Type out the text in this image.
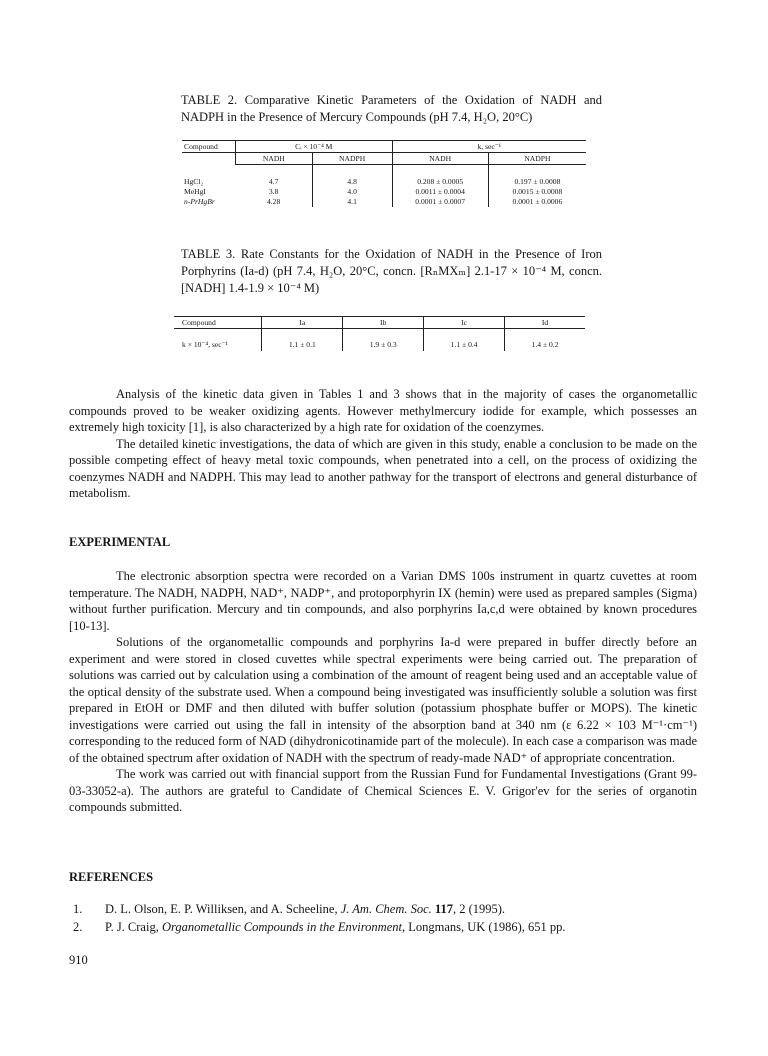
TABLE 2. Comparative Kinetic Parameters of the Oxidation of NADH and NADPH in the Presence of Mercury Compounds (pH 7.4, H₂O, 20°C)
Compound	Cᵢ × 10⁻⁴ M		k, sec⁻¹	
	NADH	NADPH	NADH	NADPH

HgCl₂	4.7	4.8	0.208 ± 0.0005	0.197 ± 0.0008
MeHgI	3.8	4.0	0.0011 ± 0.0004	0.0015 ± 0.0008
n-PrHgBr	4.28	4.1	0.0001 ± 0.0007	0.0001 ± 0.0006
TABLE 3. Rate Constants for the Oxidation of NADH in the Presence of Iron Porphyrins (Ia-d) (pH 7.4, H₂O, 20°C, concn. [RₙMXₘ] 2.1-17 × 10⁻⁴ M, concn. [NADH] 1.4-1.9 × 10⁻⁴ M)
Compound	Ia	Ib	Ic	Id

k × 10⁻⁴, sec⁻¹	1.1 ± 0.1	1.9 ± 0.3	1.1 ± 0.4	1.4 ± 0.2

Analysis of the kinetic data given in Tables 1 and 3 shows that in the majority of cases the organometallic compounds proved to be weaker oxidizing agents. However methylmercury iodide for example, which possesses an extremely high toxicity [1], is also characterized by a high rate for oxidation of the coenzymes.

The detailed kinetic investigations, the data of which are given in this study, enable a conclusion to be made on the possible competing effect of heavy metal toxic compounds, when penetrated into a cell, on the process of oxidizing the coenzymes NADH and NADPH. This may lead to another pathway for the transport of electrons and general disturbance of metabolism.

EXPERIMENTAL

The electronic absorption spectra were recorded on a Varian DMS 100s instrument in quartz cuvettes at room temperature. The NADH, NADPH, NAD⁺, NADP⁺, and protoporphyrin IX (hemin) were used as prepared samples (Sigma) without further purification. Mercury and tin compounds, and also porphyrins Ia,c,d were obtained by known procedures [10-13].

Solutions of the organometallic compounds and porphyrins Ia-d were prepared in buffer directly before an experiment and were stored in closed cuvettes while spectral experiments were being carried out. The preparation of solutions was carried out by calculation using a combination of the amount of reagent being used and an acceptable value of the optical density of the substrate used. When a compound being investigated was insufficiently soluble a solution was first prepared in EtOH or DMF and then diluted with buffer solution (potassium phosphate buffer or MOPS). The kinetic investigations were carried out using the fall in intensity of the absorption band at 340 nm (ε 6.22 × 103 M⁻¹·cm⁻¹) corresponding to the reduced form of NAD (dihydronicotinamide part of the molecule). In each case a comparison was made of the obtained spectrum after oxidation of NADH with the spectrum of ready-made NAD⁺ of appropriate concentration.

The work was carried out with financial support from the Russian Fund for Fundamental Investigations (Grant 99-03-33052-a). The authors are grateful to Candidate of Chemical Sciences E. V. Grigor'ev for the series of organotin compounds submitted.

REFERENCES
1.	D. L. Olson, E. P. Williksen, and A. Scheeline, J. Am. Chem. Soc. 117, 2 (1995).
2.	P. J. Craig, Organometallic Compounds in the Environment, Longmans, UK (1986), 651 pp.
910
